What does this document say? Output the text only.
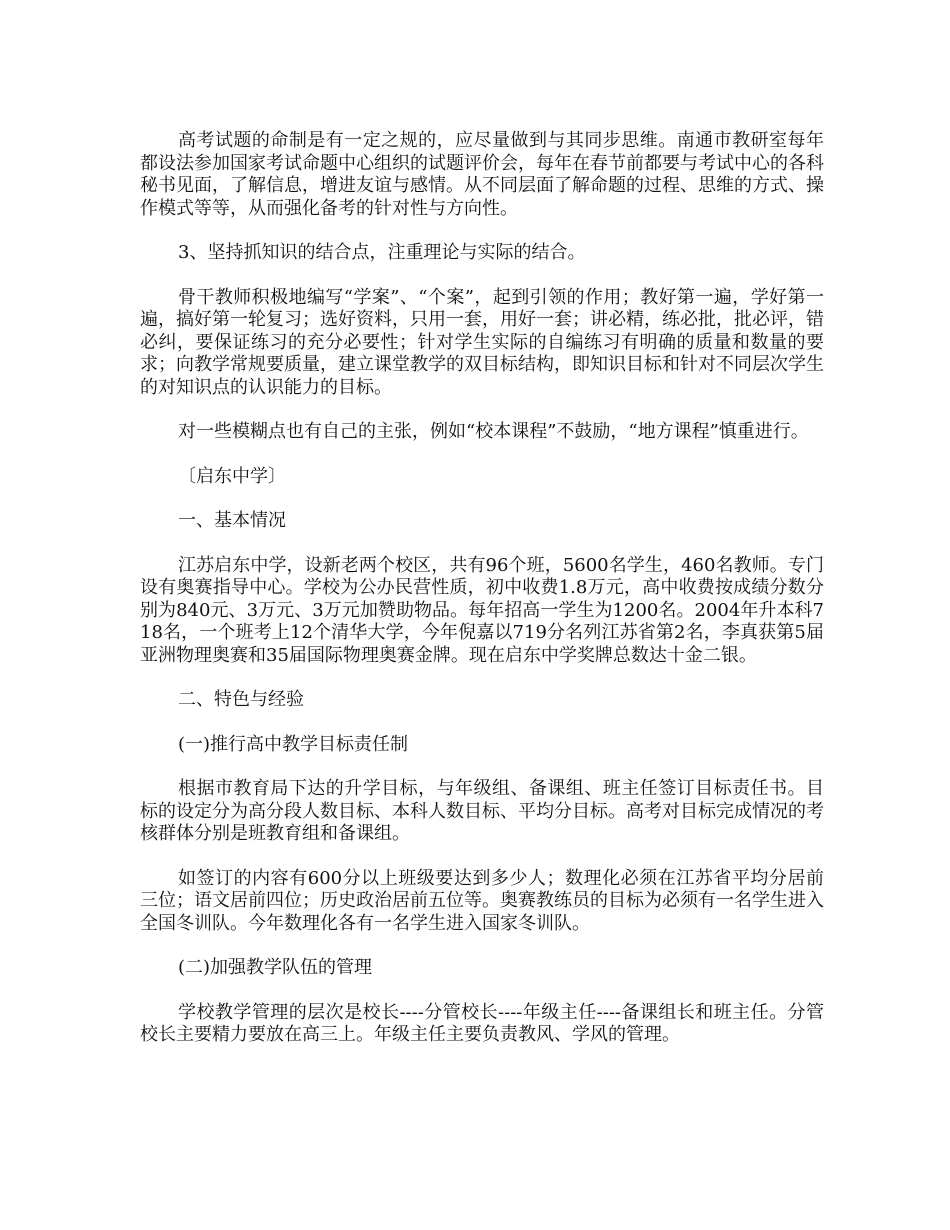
高考试题的命制是有一定之规的，应尽量做到与其同步思维。南通市教研室每年都设法参加国家考试命题中心组织的试题评价会，每年在春节前都要与考试中心的各科秘书见面，了解信息，增进友谊与感情。从不同层面了解命题的过程、思维的方式、操作模式等等，从而强化备考的针对性与方向性。

3、坚持抓知识的结合点，注重理论与实际的结合。

骨干教师积极地编写“学案”、“个案”，起到引领的作用；教好第一遍，学好第一遍，搞好第一轮复习；选好资料，只用一套，用好一套；讲必精，练必批，批必评，错必纠，要保证练习的充分必要性；针对学生实际的自编练习有明确的质量和数量的要求；向教学常规要质量，建立课堂教学的双目标结构，即知识目标和针对不同层次学生的对知识点的认识能力的目标。

对一些模糊点也有自己的主张，例如“校本课程”不鼓励，“地方课程”慎重进行。

〔启东中学〕

一、基本情况

江苏启东中学，设新老两个校区，共有96个班，5600名学生，460名教师。专门设有奥赛指导中心。学校为公办民营性质，初中收费1.8万元，高中收费按成绩分数分别为840元、3万元、3万元加赞助物品。每年招高一学生为1200名。2004年升本科718名，一个班考上12个清华大学，今年倪嘉以719分名列江苏省第2名，李真获第5届亚洲物理奥赛和35届国际物理奥赛金牌。现在启东中学奖牌总数达十金二银。

二、特色与经验

(一)推行高中教学目标责任制

根据市教育局下达的升学目标，与年级组、备课组、班主任签订目标责任书。目标的设定分为高分段人数目标、本科人数目标、平均分目标。高考对目标完成情况的考核群体分别是班教育组和备课组。

如签订的内容有600分以上班级要达到多少人；数理化必须在江苏省平均分居前三位；语文居前四位；历史政治居前五位等。奥赛教练员的目标为必须有一名学生进入全国冬训队。今年数理化各有一名学生进入国家冬训队。

(二)加强教学队伍的管理

学校教学管理的层次是校长----分管校长----年级主任----备课组长和班主任。分管校长主要精力要放在高三上。年级主任主要负责教风、学风的管理。
